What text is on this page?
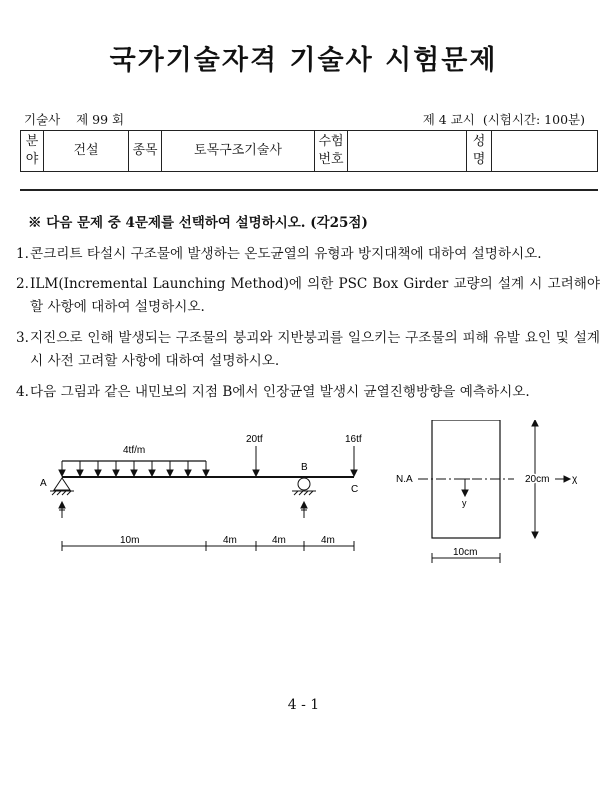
국가기술자격 기술사 시험문제
기술사    제 99 회	제 4 교시  (시험시간: 100분)
분야	건설	종목	토목구조기술사	수험번호		성명	
※ 다음 문제 중 4문제를 선택하여 설명하시오. (각25점)
1. 콘크리트 타설시 구조물에 발생하는 온도균열의 유형과 방지대책에 대하여 설명하시오.
2. ILM(Incremental Launching Method)에 의한 PSC Box Girder 교량의 설계 시 고려해야 할 사항에 대하여 설명하시오.
3. 지진으로 인해 발생되는 구조물의 붕괴와 지반붕괴를 일으키는 구조물의 피해 유발 요인 및 설계 시 사전 고려할 사항에 대하여 설명하시오.
4. 다음 그림과 같은 내민보의 지점 B에서 인장균열 발생시 균열진행방향을 예측하시오.
4tf/m
20tf	16tf
A
B
C
10m	4m	4m	4m
N.A
y
20cm χ
10cm
4 - 1
